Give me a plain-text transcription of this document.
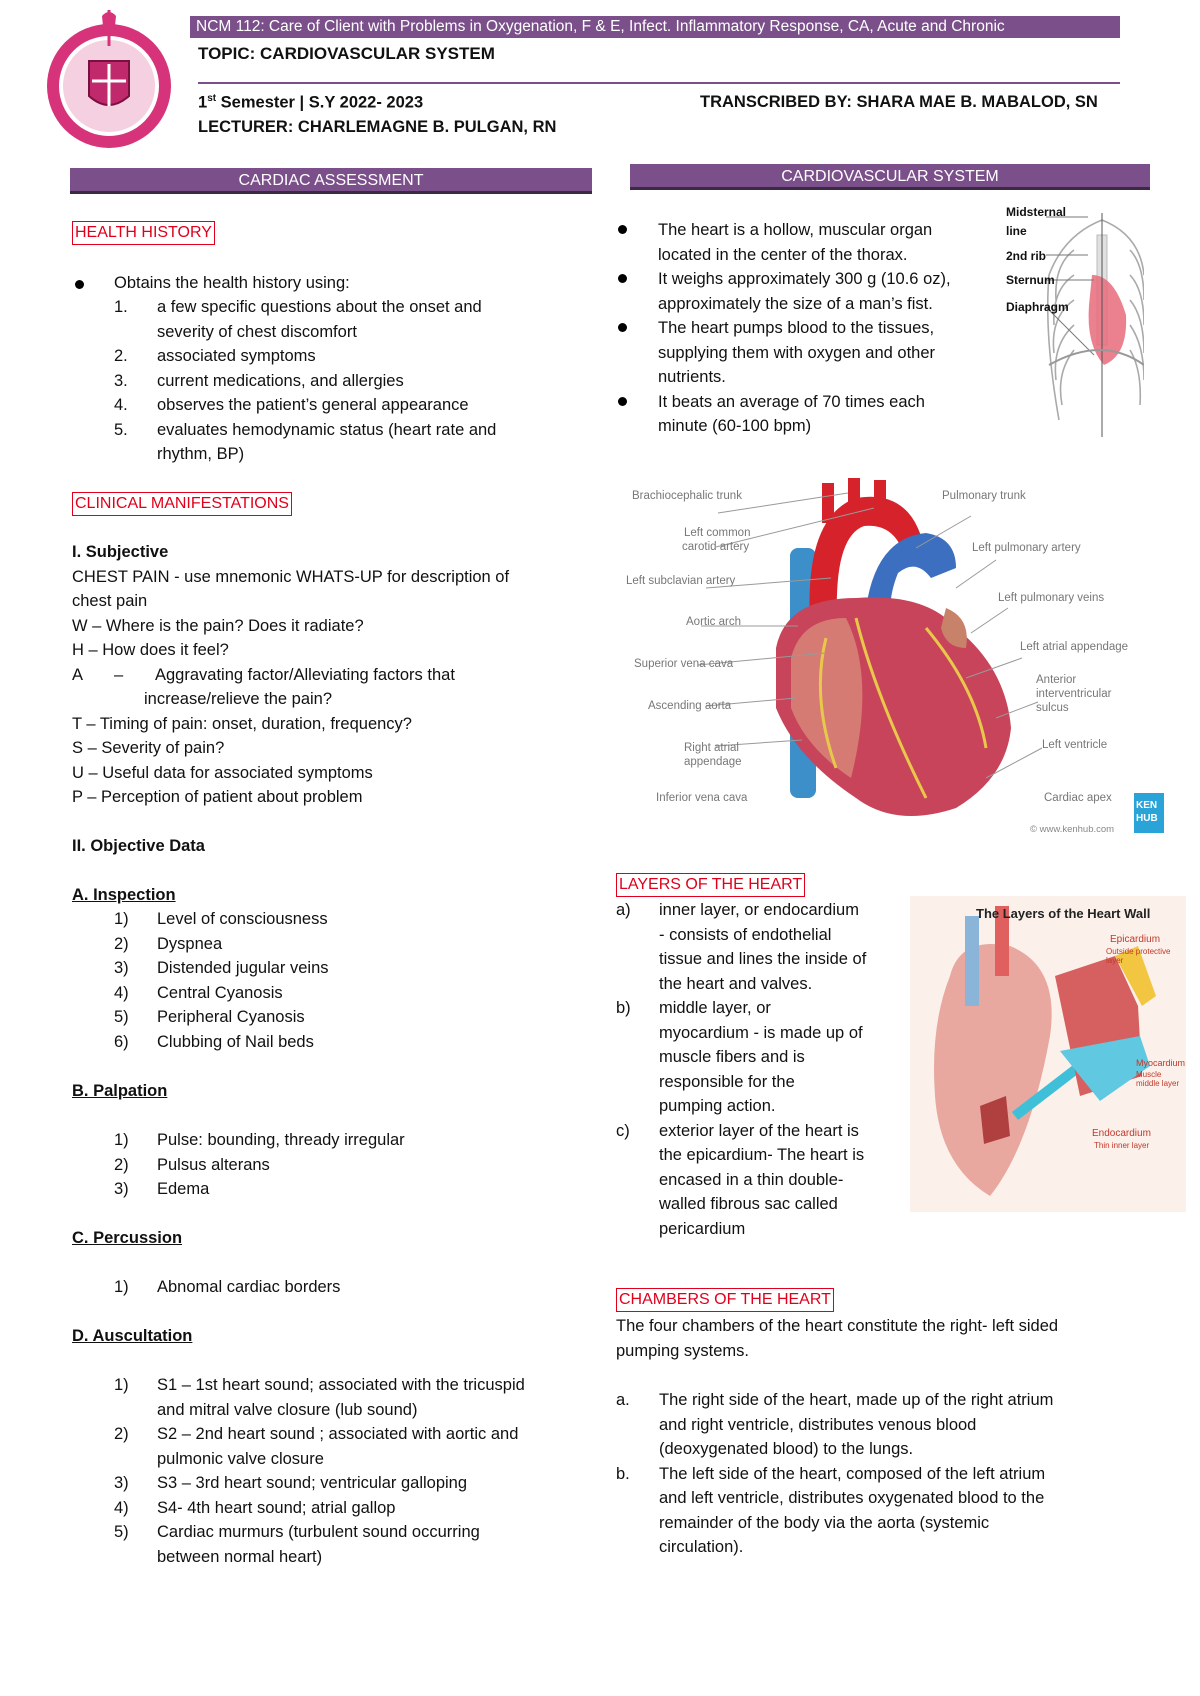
NCM 112: Care of Client with Problems in Oxygenation, F & E, Infect. Inflammatory Response, CA, Acute and Chronic
TOPIC: CARDIOVASCULAR SYSTEM
1st Semester | S.Y 2022- 2023
LECTURER: CHARLEMAGNE B. PULGAN, RN
TRANSCRIBED BY: SHARA MAE B. MABALOD, SN
CARDIAC ASSESSMENT
HEALTH HISTORY
Obtains the health history using:
1. a few specific questions about the onset and
severity of chest discomfort
2. associated symptoms
3. current medications, and allergies
4. observes the patient’s general appearance
5. evaluates hemodynamic status (heart rate and
rhythm, BP)
CLINICAL MANIFESTATIONS
I. Subjective
CHEST PAIN - use mnemonic WHATS-UP for description of
chest pain
W – Where is the pain? Does it radiate?
H – How does it feel?
A – Aggravating factor/Alleviating factors that
increase/relieve the pain?
T – Timing of pain: onset, duration, frequency?
S – Severity of pain?
U – Useful data for associated symptoms
P – Perception of patient about problem
II. Objective Data
A. Inspection
1) Level of consciousness
2) Dyspnea
3) Distended jugular veins
4) Central Cyanosis
5) Peripheral Cyanosis
6) Clubbing of Nail beds
B. Palpation
1) Pulse: bounding, thready irregular
2) Pulsus alterans
3) Edema
C. Percussion
1) Abnomal cardiac borders
D. Auscultation
1) S1 – 1st heart sound; associated with the tricuspid
and mitral valve closure (lub sound)
2) S2 – 2nd heart sound ; associated with aortic and
pulmonic valve closure
3) S3 – 3rd heart sound; ventricular galloping
4) S4- 4th heart sound; atrial gallop
5) Cardiac murmurs (turbulent sound occurring
between normal heart)
CARDIOVASCULAR SYSTEM
The heart is a hollow, muscular organ
located in the center of the thorax.
It weighs approximately 300 g (10.6 oz),
approximately the size of a man’s fist.
The heart pumps blood to the tissues,
supplying them with oxygen and other
nutrients.
It beats an average of 70 times each
minute (60-100 bpm)
Midsternal
line
2nd rib
Sternum
Diaphragm
Brachiocephalic trunk
Left common
carotid artery
Left subclavian artery
Aortic arch
Superior vena cava
Ascending aorta
Right atrial
appendage
Inferior vena cava
Pulmonary trunk
Left pulmonary artery
Left pulmonary veins
Left atrial appendage
Anterior
interventricular
sulcus
Left ventricle
Cardiac apex
KEN
HUB
© www.kenhub.com
LAYERS OF THE HEART
a) inner layer, or endocardium
- consists of endothelial
tissue and lines the inside of
the heart and valves.
b) middle layer, or
myocardium - is made up of
muscle fibers and is
responsible for the
pumping action.
c) exterior layer of the heart is
the epicardium- The heart is
encased in a thin double-
walled fibrous sac called
pericardium
The Layers of the Heart Wall
Epicardium
Outside protective layer
Myocardium
Muscle middle layer
Endocardium
Thin inner layer
CHAMBERS OF THE HEART
The four chambers of the heart constitute the right- left sided
pumping systems.
a. The right side of the heart, made up of the right atrium
and right ventricle, distributes venous blood
(deoxygenated blood) to the lungs.
b. The left side of the heart, composed of the left atrium
and left ventricle, distributes oxygenated blood to the
remainder of the body via the aorta (systemic
circulation).
